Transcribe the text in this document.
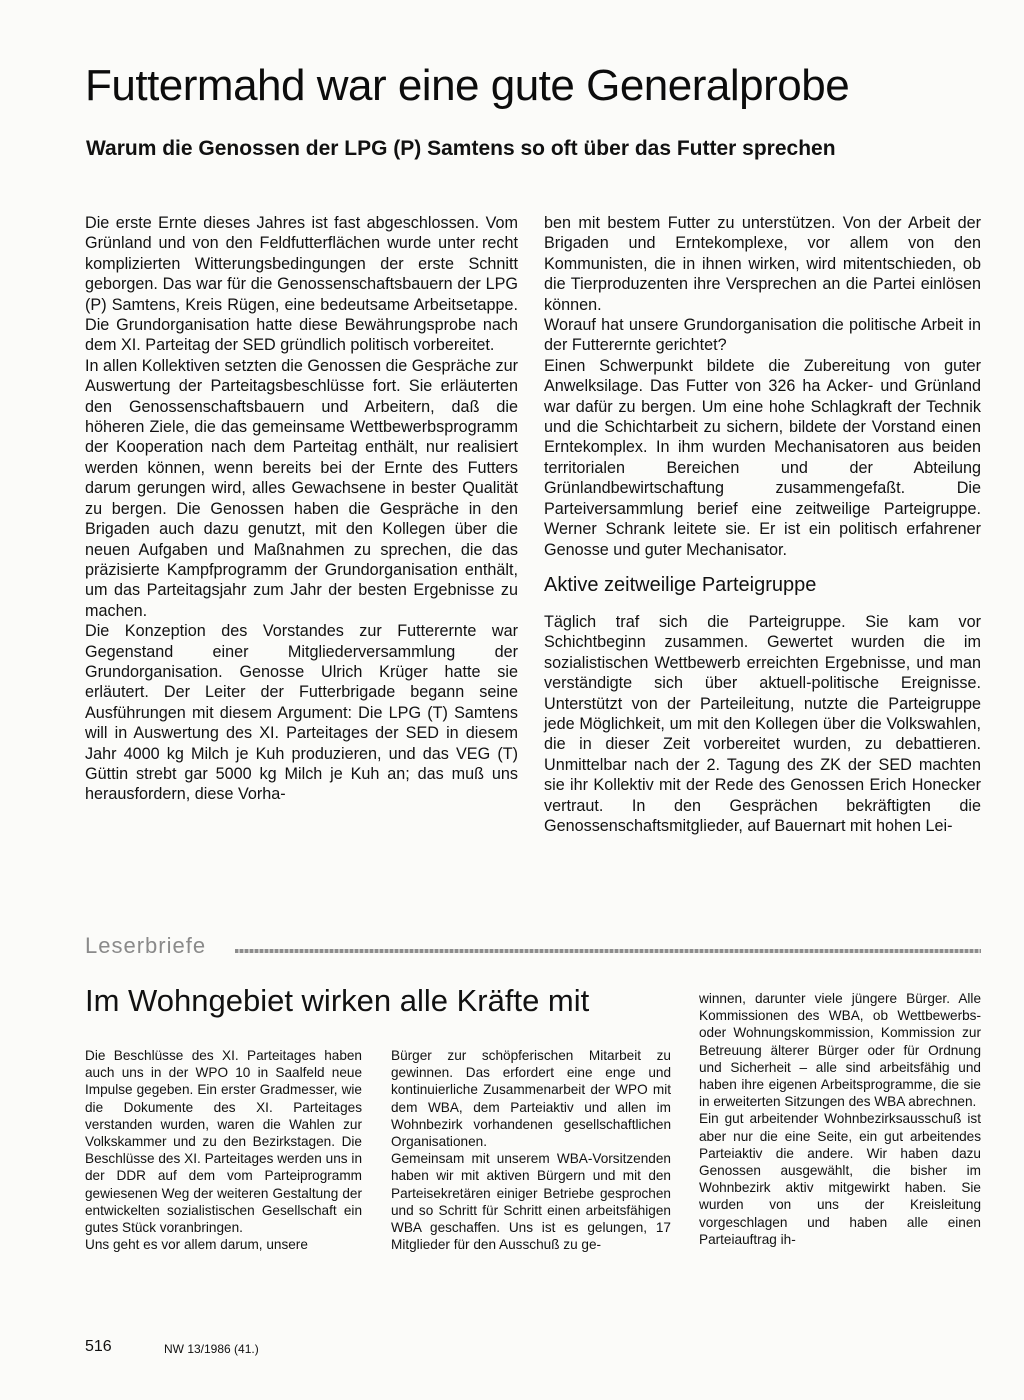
Futtermahd war eine gute Generalprobe
Warum die Genossen der LPG (P) Samtens so oft über das Futter sprechen

Die erste Ernte dieses Jahres ist fast abgeschlossen. Vom Grünland und von den Feldfutterflächen wurde unter recht komplizierten Witterungsbedingungen der erste Schnitt geborgen. Das war für die Genossenschaftsbauern der LPG (P) Samtens, Kreis Rügen, eine bedeutsame Arbeitsetappe. Die Grundorganisation hatte diese Bewährungsprobe nach dem XI. Parteitag der SED gründlich politisch vorbereitet.

In allen Kollektiven setzten die Genossen die Gespräche zur Auswertung der Parteitagsbeschlüsse fort. Sie erläuterten den Genossenschaftsbauern und Arbeitern, daß die höheren Ziele, die das gemeinsame Wettbewerbsprogramm der Kooperation nach dem Parteitag enthält, nur realisiert werden können, wenn bereits bei der Ernte des Futters darum gerungen wird, alles Gewachsene in bester Qualität zu bergen. Die Genossen haben die Gespräche in den Brigaden auch dazu genutzt, mit den Kollegen über die neuen Aufgaben und Maßnahmen zu sprechen, die das präzisierte Kampfprogramm der Grundorganisation enthält, um das Parteitagsjahr zum Jahr der besten Ergebnisse zu machen.

Die Konzeption des Vorstandes zur Futterernte war Gegenstand einer Mitgliederversammlung der Grundorganisation. Genosse Ulrich Krüger hatte sie erläutert. Der Leiter der Futterbrigade begann seine Ausführungen mit diesem Argument: Die LPG (T) Samtens will in Auswertung des XI. Parteitages der SED in diesem Jahr 4000 kg Milch je Kuh produzieren, und das VEG (T) Güttin strebt gar 5000 kg Milch je Kuh an; das muß uns herausfordern, diese Vorha-

ben mit bestem Futter zu unterstützen. Von der Arbeit der Brigaden und Erntekomplexe, vor allem von den Kommunisten, die in ihnen wirken, wird mitentschieden, ob die Tierproduzenten ihre Versprechen an die Partei einlösen können.

Worauf hat unsere Grundorganisation die politische Arbeit in der Futterernte gerichtet?

Einen Schwerpunkt bildete die Zubereitung von guter Anwelksilage. Das Futter von 326 ha Acker- und Grünland war dafür zu bergen. Um eine hohe Schlagkraft der Technik und die Schichtarbeit zu sichern, bildete der Vorstand einen Erntekomplex. In ihm wurden Mechanisatoren aus beiden territorialen Bereichen und der Abteilung Grünlandbewirtschaftung zusammengefaßt. Die Parteiversammlung berief eine zeitweilige Parteigruppe. Werner Schrank leitete sie. Er ist ein politisch erfahrener Genosse und guter Mechanisator.

Aktive zeitweilige Parteigruppe

Täglich traf sich die Parteigruppe. Sie kam vor Schichtbeginn zusammen. Gewertet wurden die im sozialistischen Wettbewerb erreichten Ergebnisse, und man verständigte sich über aktuell-politische Ereignisse. Unterstützt von der Parteileitung, nutzte die Parteigruppe jede Möglichkeit, um mit den Kollegen über die Volkswahlen, die in dieser Zeit vorbereitet wurden, zu debattieren. Unmittelbar nach der 2. Tagung des ZK der SED machten sie ihr Kollektiv mit der Rede des Genossen Erich Honecker vertraut. In den Gesprächen bekräftigten die Genossenschaftsmitglieder, auf Bauernart mit hohen Lei-

Leserbriefe
Im Wohngebiet wirken alle Kräfte mit

Die Beschlüsse des XI. Parteitages haben auch uns in der WPO 10 in Saalfeld neue Impulse gegeben. Ein erster Gradmesser, wie die Dokumente des XI. Parteitages verstanden wurden, waren die Wahlen zur Volkskammer und zu den Bezirkstagen. Die Beschlüsse des XI. Parteitages werden uns in der DDR auf dem vom Parteiprogramm gewiesenen Weg der weiteren Gestaltung der entwickelten sozialistischen Gesellschaft ein gutes Stück voranbringen.

Uns geht es vor allem darum, unsere

Bürger zur schöpferischen Mitarbeit zu gewinnen. Das erfordert eine enge und kontinuierliche Zusammenarbeit der WPO mit dem WBA, dem Parteiaktiv und allen im Wohnbezirk vorhandenen gesellschaftlichen Organisationen.

Gemeinsam mit unserem WBA-Vorsitzenden haben wir mit aktiven Bürgern und mit den Parteisekretären einiger Betriebe gesprochen und so Schritt für Schritt einen arbeitsfähigen WBA geschaffen. Uns ist es gelungen, 17 Mitglieder für den Ausschuß zu ge-

winnen, darunter viele jüngere Bürger. Alle Kommissionen des WBA, ob Wettbewerbs- oder Wohnungskommission, Kommission zur Betreuung älterer Bürger oder für Ordnung und Sicherheit – alle sind arbeitsfähig und haben ihre eigenen Arbeitsprogramme, die sie in erweiterten Sitzungen des WBA abrechnen.

Ein gut arbeitender Wohnbezirksausschuß ist aber nur die eine Seite, ein gut arbeitendes Parteiaktiv die andere. Wir haben dazu Genossen ausgewählt, die bisher im Wohnbezirk aktiv mitgewirkt haben. Sie wurden von uns der Kreisleitung vorgeschlagen und haben alle einen Parteiauftrag ih-

516	NW 13/1986 (41.)
